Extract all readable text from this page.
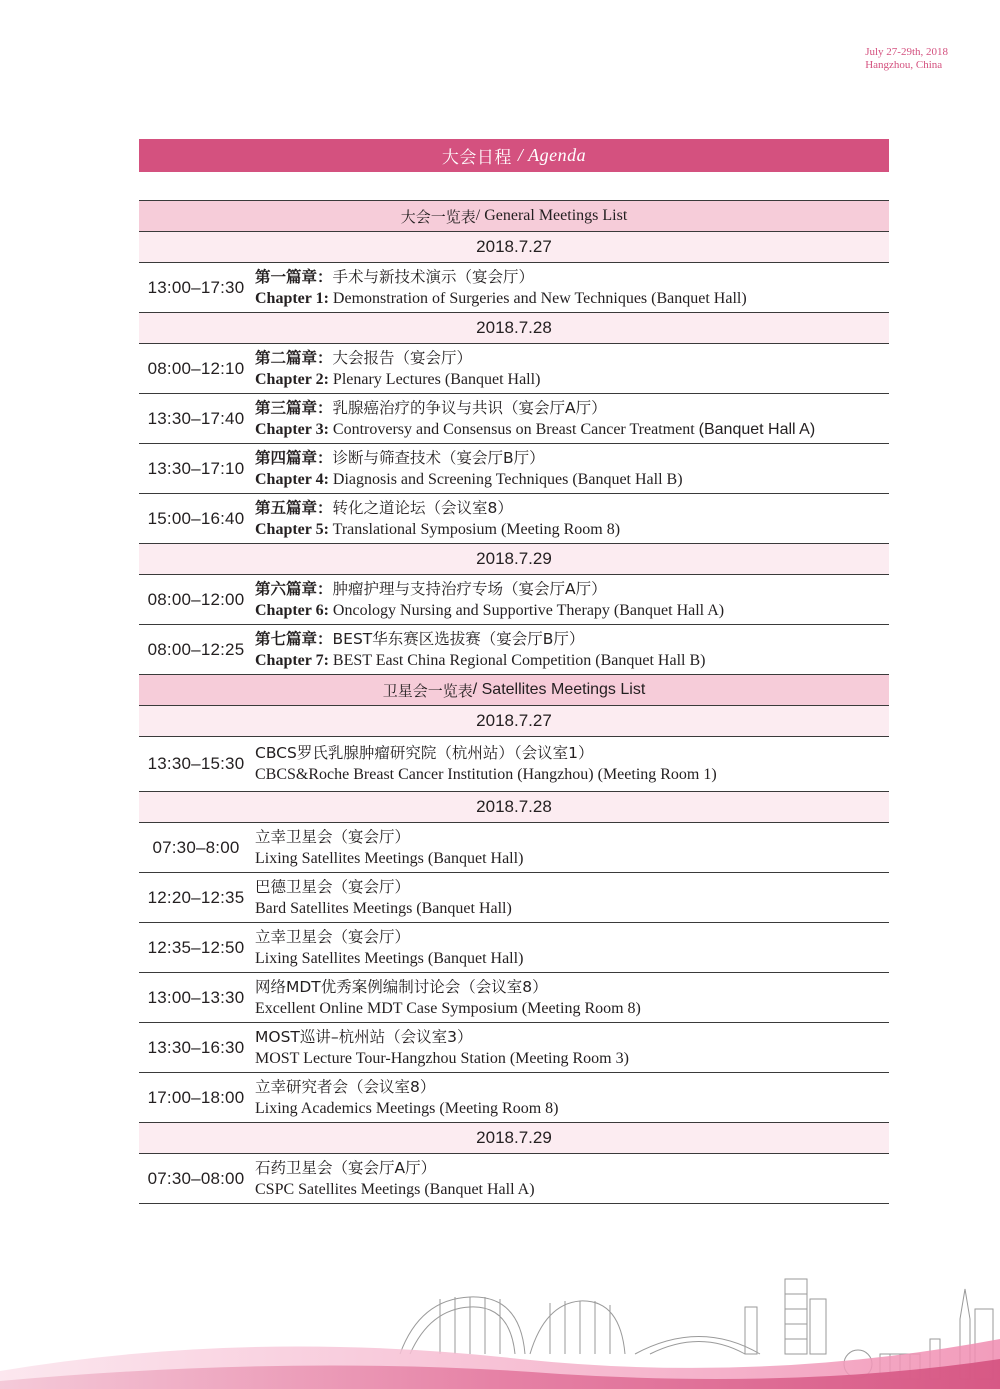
July 27-29th, 2018
Hangzhou, China
大会日程 / Agenda
大会一览表 / General Meetings List
2018.7.27
13:00–17:30
第一篇章：手术与新技术演示（宴会厅）
Chapter 1: Demonstration of Surgeries and New Techniques (Banquet Hall)
2018.7.28
08:00–12:10
第二篇章：大会报告（宴会厅）
Chapter 2: Plenary Lectures (Banquet Hall)
13:30–17:40
第三篇章：乳腺癌治疗的争议与共识（宴会厅A厅）
Chapter 3: Controversy and Consensus on Breast Cancer Treatment (Banquet Hall A)
13:30–17:10
第四篇章：诊断与筛查技术（宴会厅B厅）
Chapter 4: Diagnosis and Screening Techniques (Banquet Hall B)
15:00–16:40
第五篇章：转化之道论坛（会议室8）
Chapter 5: Translational Symposium (Meeting Room 8)
2018.7.29
08:00–12:00
第六篇章：肿瘤护理与支持治疗专场（宴会厅A厅）
Chapter 6: Oncology Nursing and Supportive Therapy (Banquet Hall A)
08:00–12:25
第七篇章：BEST华东赛区选拔赛（宴会厅B厅）
Chapter 7: BEST East China Regional Competition (Banquet Hall B)
卫星会一览表 / Satellites Meetings List
2018.7.27
13:30–15:30
CBCS罗氏乳腺肿瘤研究院（杭州站）（会议室1）
CBCS&Roche Breast Cancer Institution (Hangzhou) (Meeting Room 1)
2018.7.28
07:30–8:00
立幸卫星会（宴会厅）
Lixing Satellites Meetings (Banquet Hall)
12:20–12:35
巴德卫星会（宴会厅）
Bard Satellites Meetings (Banquet Hall)
12:35–12:50
立幸卫星会（宴会厅）
Lixing Satellites Meetings (Banquet Hall)
13:00–13:30
网络MDT优秀案例编制讨论会（会议室8）
Excellent Online MDT Case Symposium (Meeting Room 8)
13:30–16:30
MOST巡讲–杭州站（会议室3）
MOST Lecture Tour-Hangzhou Station (Meeting Room 3)
17:00–18:00
立幸研究者会（会议室8）
Lixing Academics Meetings (Meeting Room 8)
2018.7.29
07:30–08:00
石药卫星会（宴会厅A厅）
CSPC Satellites Meetings (Banquet Hall A)
